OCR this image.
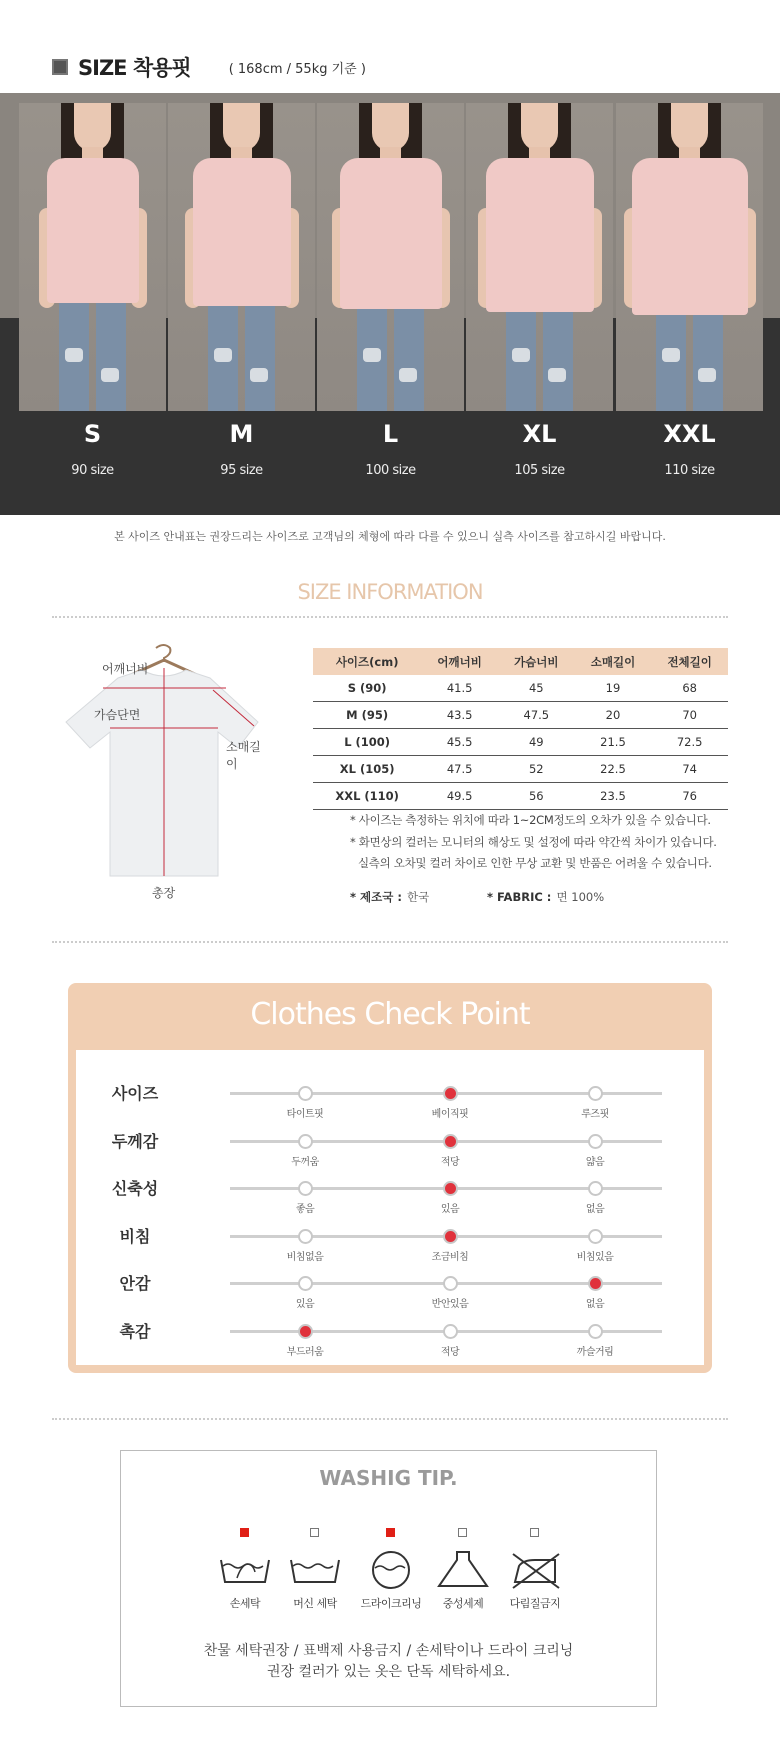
SIZE 착용핏	( 168cm / 55kg 기준 )
S
90 size
M
95 size
L
100 size
XL
105 size
XXL
110 size
본 사이즈 안내표는 권장드리는 사이즈로 고객님의 체형에 따라 다를 수 있으니 실측 사이즈를 참고하시길 바랍니다.
SIZE INFORMATION
어깨너비
가슴단면
소매길이
총장
사이즈(cm)	어깨너비	가슴너비	소매길이	전체길이
S (90)	41.5	45	19	68
M (95)	43.5	47.5	20	70
L (100)	45.5	49	21.5	72.5
XL (105)	47.5	52	22.5	74
XXL (110)	49.5	56	23.5	76
* 사이즈는 측정하는 위치에 따라 1~2CM정도의 오차가 있을 수 있습니다.
* 화면상의 컬러는 모니터의 해상도 및 설정에 따라 약간씩 차이가 있습니다.
실측의 오차및 컬러 차이로 인한 무상 교환 및 반품은 어려울 수 있습니다.
* 제조국 : 한국	* FABRIC : 면 100%
Clothes Check Point
사이즈
타이트핏	베이직핏	루즈핏
두께감
두꺼움	적당	얇음
신축성
좋음	있음	없음
비침
비침없음	조금비침	비침있음
안감
있음	반안있음	없음
촉감
부드러움	적당	까슬거림
WASHIG TIP.
손세탁	머신 세탁	드라이크리닝	중성세제	다림질금지
찬물 세탁권장 / 표백제 사용금지 / 손세탁이나 드라이 크리닝
권장 컬러가 있는 옷은 단독 세탁하세요.
